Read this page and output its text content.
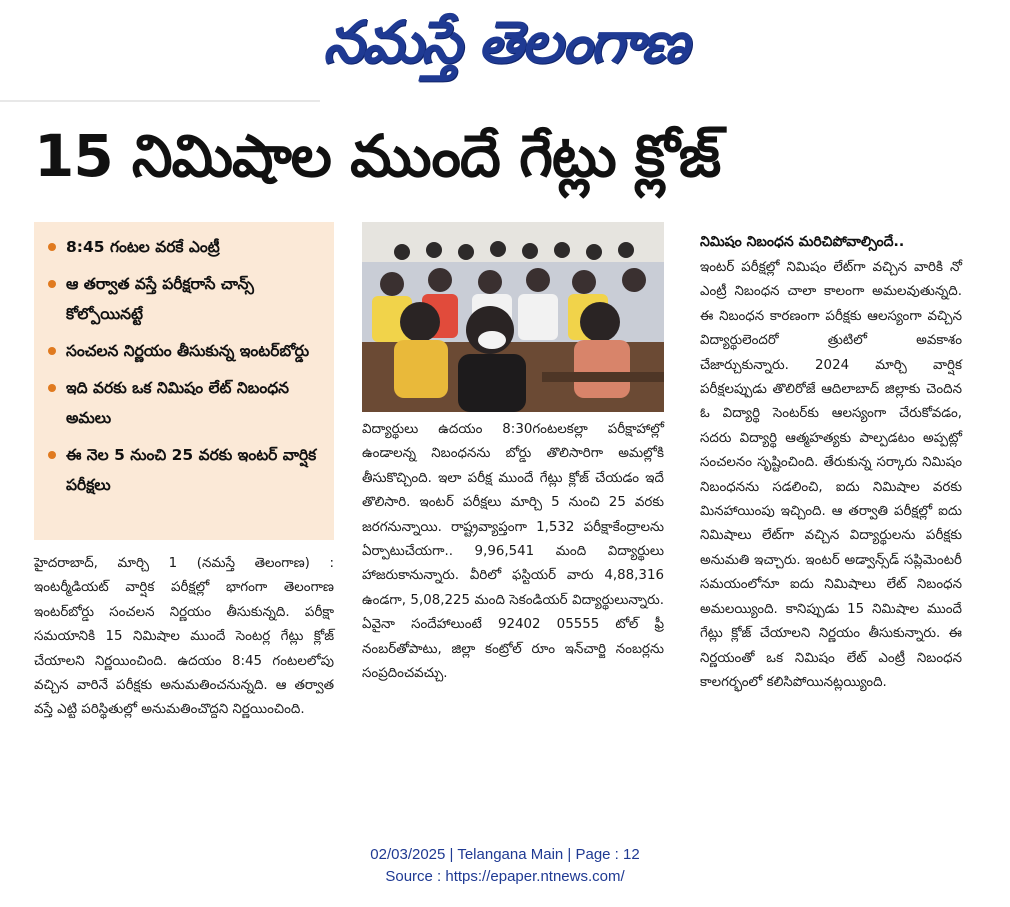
నమస్తే తెలంగాణ
15 నిమిషాల ముందే గేట్లు క్లోజ్
8:45 గంటల వరకే ఎంట్రీ
ఆ తర్వాత వస్తే పరీక్షరాసే చాన్స్ కోల్పోయినట్టే
సంచలన నిర్ణయం తీసుకున్న ఇంటర్‌బోర్డు
ఇది వరకు ఒక నిమిషం లేట్ నిబంధన అమలు
ఈ నెల 5 నుంచి 25 వరకు ఇంటర్ వార్షిక పరీక్షలు

హైదరాబాద్, మార్చి 1 (నమస్తే తెలంగాణ) : ఇంటర్మీడియట్ వార్షిక పరీక్షల్లో భాగంగా తెలంగాణ ఇంటర్‌బోర్డు సంచలన నిర్ణయం తీసుకున్నది. పరీక్షా సమయానికి 15 నిమిషాల ముందే సెంటర్ల గేట్లు క్లోజ్ చేయాలని నిర్ణయించింది. ఉదయం 8:45 గంటలలోపు వచ్చిన వారినే పరీక్షకు అనుమతించనున్నది. ఆ తర్వాత వస్తే ఎట్టి పరిస్థితుల్లో అనుమతించొద్దని నిర్ణయించింది.

విద్యార్థులు ఉదయం 8:30గంటలకల్లా పరీక్షాహాల్లో ఉండాలన్న నిబంధనను బోర్డు తొలిసారిగా అమల్లోకి తీసుకొచ్చింది. ఇలా పరీక్ష ముందే గేట్లు క్లోజ్ చేయడం ఇదే తొలిసారి. ఇంటర్ పరీక్షలు మార్చి 5 నుంచి 25 వరకు జరగనున్నాయి. రాష్ట్రవ్యాప్తంగా 1,532 పరీక్షాకేంద్రాలను ఏర్పాటుచేయగా.. 9,96,541 మంది విద్యార్థులు హాజరుకానున్నారు. వీరిలో ఫస్టియర్ వారు 4,88,316 ఉండగా, 5,08,225 మంది సెకండియర్ విద్యార్థులున్నారు. ఏవైనా సందేహాలుంటే 92402 05555 టోల్ ఫ్రీ నంబర్‌తోపాటు, జిల్లా కంట్రోల్ రూం ఇన్‌చార్జి నంబర్లను సంప్రదించవచ్చు.

నిమిషం నిబంధన మరిచిపోవాల్సిందే..

ఇంటర్ పరీక్షల్లో నిమిషం లేట్‌గా వచ్చిన వారికి నో ఎంట్రీ నిబంధన చాలా కాలంగా అమలవుతున్నది. ఈ నిబంధన కారణంగా పరీక్షకు ఆలస్యంగా వచ్చిన విద్యార్థులెందరో త్రుటిలో అవకాశం చేజార్చుకున్నారు. 2024 మార్చి వార్షిక పరీక్షలప్పుడు తొలిరోజే ఆదిలాబాద్ జిల్లాకు చెందిన ఓ విద్యార్థి సెంటర్‌కు ఆలస్యంగా చేరుకోవడం, సదరు విద్యార్థి ఆత్మహత్యకు పాల్పడటం అప్పట్లో సంచలనం సృష్టించింది. తేరుకున్న సర్కారు నిమిషం నిబంధనను సడలించి, ఐదు నిమిషాల వరకు మినహాయింపు ఇచ్చింది. ఆ తర్వాతి పరీక్షల్లో ఐదు నిమిషాలు లేట్‌గా వచ్చిన విద్యార్థులను పరీక్షకు అనుమతి ఇచ్చారు. ఇంటర్ అడ్వాన్స్‌డ్ సప్లిమెంటరీ సమయంలోనూ ఐదు నిమిషాలు లేట్ నిబంధన అమలయ్యింది. కానిప్పుడు 15 నిమిషాల ముందే గేట్లు క్లోజ్ చేయాలని నిర్ణయం తీసుకున్నారు. ఈ నిర్ణయంతో ఒక నిమిషం లేట్ ఎంట్రీ నిబంధన కాలగర్భంలో కలిసిపోయినట్లయ్యింది.

02/03/2025 | Telangana Main | Page : 12
Source : https://epaper.ntnews.com/
